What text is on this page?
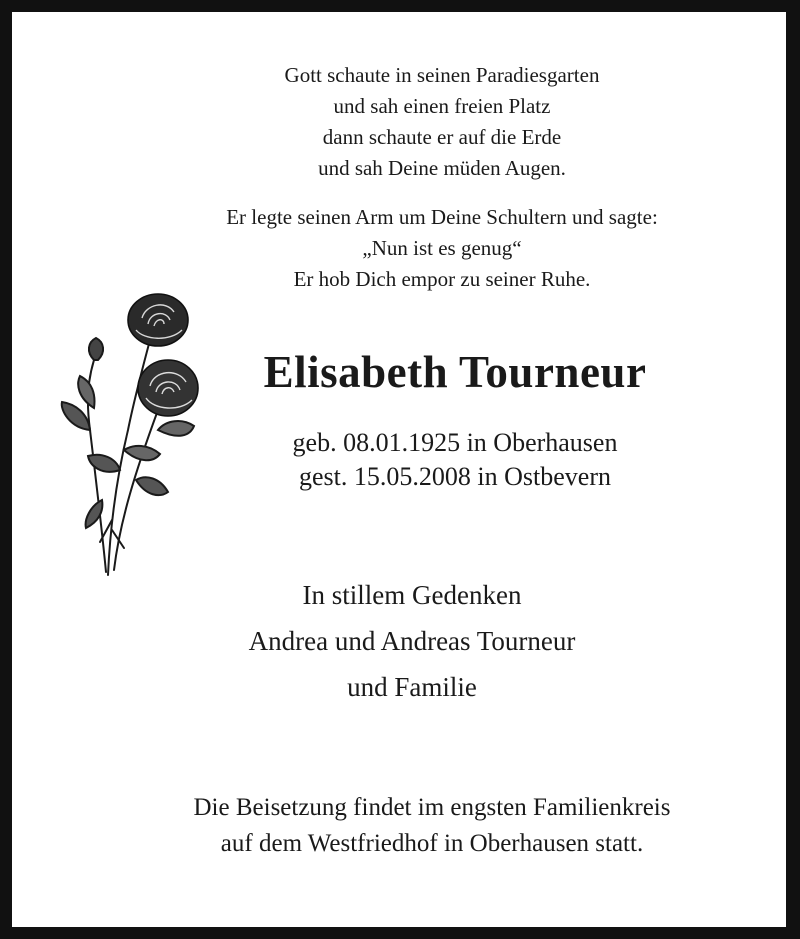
Gott schaute in seinen Paradiesgarten
und sah einen freien Platz
dann schaute er auf die Erde
und sah Deine müden Augen.
Er legte seinen Arm um Deine Schultern und sagte:
„Nun ist es genug“
Er hob Dich empor zu seiner Ruhe.
Elisabeth Tourneur
geb. 08.01.1925 in Oberhausen
gest. 15.05.2008 in Ostbevern
In stillem Gedenken
Andrea und Andreas Tourneur
und Familie
Die Beisetzung findet im engsten Familienkreis
auf dem Westfriedhof in Oberhausen statt.
